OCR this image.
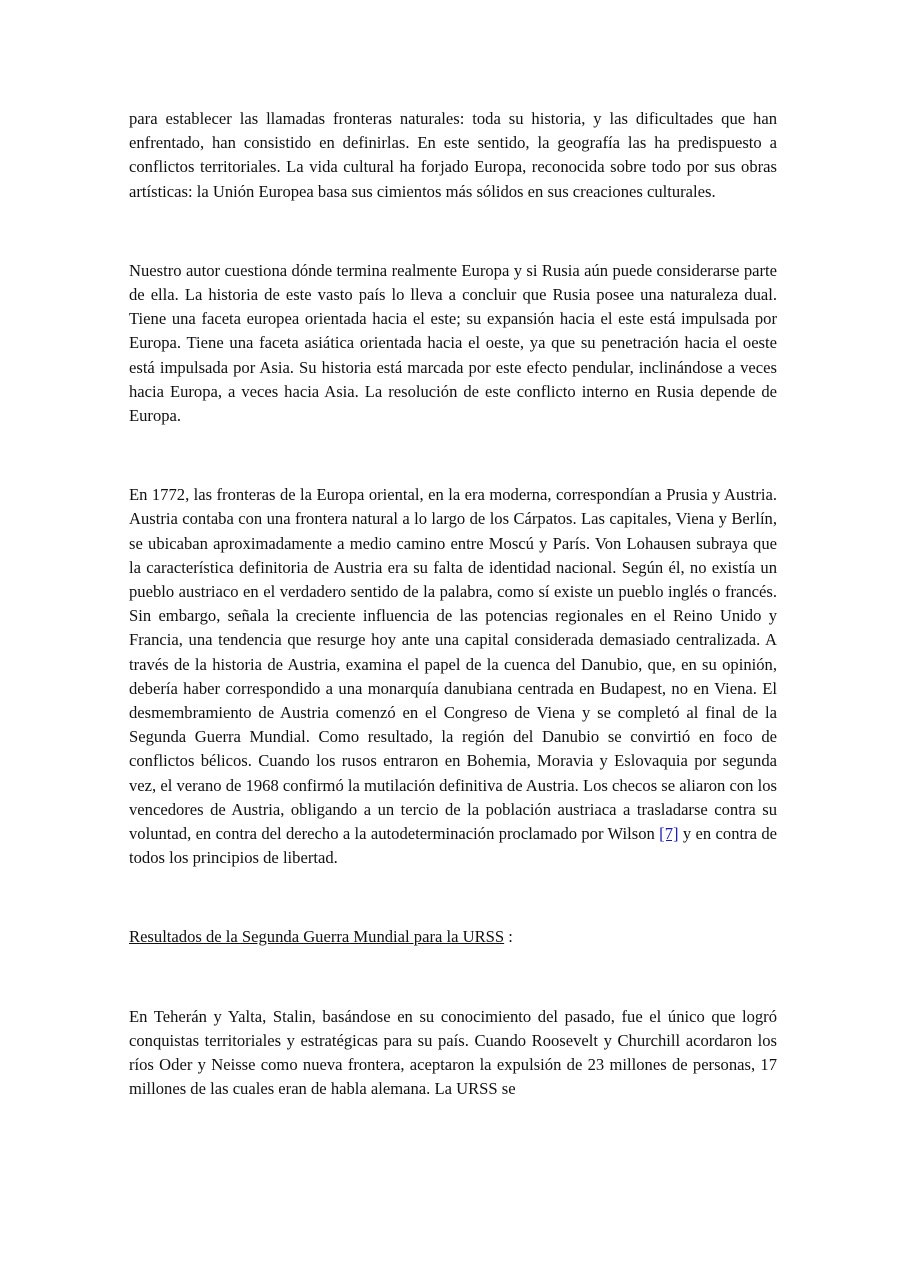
para establecer las llamadas fronteras naturales: toda su historia, y las dificultades que han enfrentado, han consistido en definirlas. En este sentido, la geografía las ha predispuesto a conflictos territoriales. La vida cultural ha forjado Europa, reconocida sobre todo por sus obras artísticas: la Unión Europea basa sus cimientos más sólidos en sus creaciones culturales.

Nuestro autor cuestiona dónde termina realmente Europa y si Rusia aún puede considerarse parte de ella. La historia de este vasto país lo lleva a concluir que Rusia posee una naturaleza dual. Tiene una faceta europea orientada hacia el este; su expansión hacia el este está impulsada por Europa. Tiene una faceta asiática orientada hacia el oeste, ya que su penetración hacia el oeste está impulsada por Asia. Su historia está marcada por este efecto pendular, inclinándose a veces hacia Europa, a veces hacia Asia. La resolución de este conflicto interno en Rusia depende de Europa.

En 1772, las fronteras de la Europa oriental, en la era moderna, correspondían a Prusia y Austria. Austria contaba con una frontera natural a lo largo de los Cárpatos. Las capitales, Viena y Berlín, se ubicaban aproximadamente a medio camino entre Moscú y París. Von Lohausen subraya que la característica definitoria de Austria era su falta de identidad nacional. Según él, no existía un pueblo austriaco en el verdadero sentido de la palabra, como sí existe un pueblo inglés o francés. Sin embargo, señala la creciente influencia de las potencias regionales en el Reino Unido y Francia, una tendencia que resurge hoy ante una capital considerada demasiado centralizada. A través de la historia de Austria, examina el papel de la cuenca del Danubio, que, en su opinión, debería haber correspondido a una monarquía danubiana centrada en Budapest, no en Viena. El desmembramiento de Austria comenzó en el Congreso de Viena y se completó al final de la Segunda Guerra Mundial. Como resultado, la región del Danubio se convirtió en foco de conflictos bélicos. Cuando los rusos entraron en Bohemia, Moravia y Eslovaquia por segunda vez, el verano de 1968 confirmó la mutilación definitiva de Austria. Los checos se aliaron con los vencedores de Austria, obligando a un tercio de la población austriaca a trasladarse contra su voluntad, en contra del derecho a la autodeterminación proclamado por Wilson [7] y en contra de todos los principios de libertad.

Resultados de la Segunda Guerra Mundial para la URSS :

En Teherán y Yalta, Stalin, basándose en su conocimiento del pasado, fue el único que logró conquistas territoriales y estratégicas para su país. Cuando Roosevelt y Churchill acordaron los ríos Oder y Neisse como nueva frontera, aceptaron la expulsión de 23 millones de personas, 17 millones de las cuales eran de habla alemana. La URSS se
